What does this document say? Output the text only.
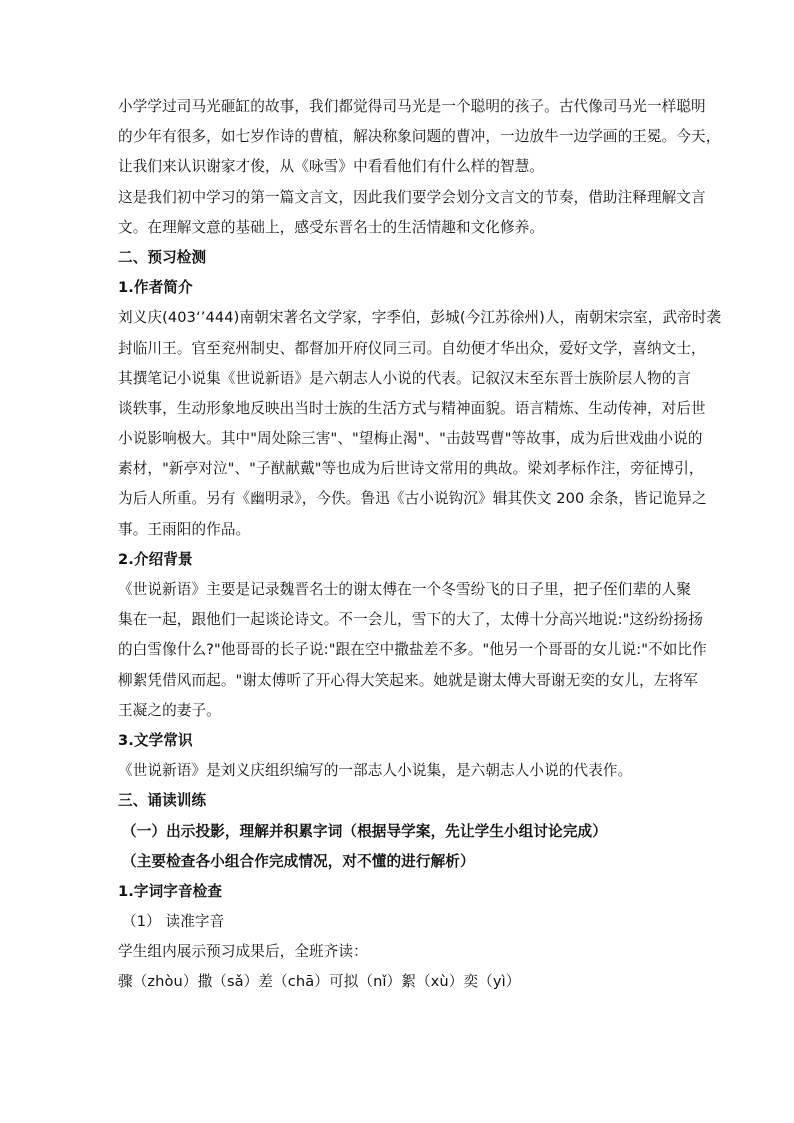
小学学过司马光砸缸的故事，我们都觉得司马光是一个聪明的孩子。古代像司马光一样聪明
的少年有很多，如七岁作诗的曹植，解决称象问题的曹冲，一边放牛一边学画的王冕。今天，
让我们来认识谢家才俊，从《咏雪》中看看他们有什么样的智慧。
这是我们初中学习的第一篇文言文，因此我们要学会划分文言文的节奏，借助注释理解文言
文。在理解文意的基础上，感受东晋名士的生活情趣和文化修养。
二、预习检测
1.作者简介
刘义庆(403‘’444)南朝宋著名文学家，字季伯，彭城(今江苏徐州)人，南朝宋宗室，武帝时袭
封临川王。官至兖州制史、都督加开府仪同三司。自幼便才华出众，爱好文学，喜纳文士，
其撰笔记小说集《世说新语》是六朝志人小说的代表。记叙汉末至东晋士族阶层人物的言
谈轶事，生动形象地反映出当时士族的生活方式与精神面貌。语言精炼、生动传神，对后世
小说影响极大。其中"周处除三害"、"望梅止渴"、"击鼓骂曹"等故事，成为后世戏曲小说的
素材，"新亭对泣"、"子猷献戴"等也成为后世诗文常用的典故。梁刘孝标作注，旁征博引，
为后人所重。另有《幽明录》，今佚。鲁迅《古小说钩沉》辑其佚文 200 余条，皆记诡异之
事。王雨阳的作品。
2.介绍背景
《世说新语》主要是记录魏晋名士的谢太傅在一个冬雪纷飞的日子里，把子侄们辈的人聚
集在一起，跟他们一起谈论诗文。不一会儿，雪下的大了，太傅十分高兴地说:"这纷纷扬扬
的白雪像什么?"他哥哥的长子说:"跟在空中撒盐差不多。"他另一个哥哥的女儿说:"不如比作
柳絮凭借风而起。"谢太傅听了开心得大笑起来。她就是谢太傅大哥谢无奕的女儿，左将军
王凝之的妻子。
3.文学常识
《世说新语》是刘义庆组织编写的一部志人小说集，是六朝志人小说的代表作。
三、诵读训练
（一）出示投影，理解并积累字词（根据导学案，先让学生小组讨论完成）
（主要检查各小组合作完成情况，对不懂的进行解析）
1.字词字音检查
（1） 读准字音
学生组内展示预习成果后，全班齐读：
骤（zhòu）撒（sǎ）差（chā）可拟（nǐ）絮（xù）奕（yì）
